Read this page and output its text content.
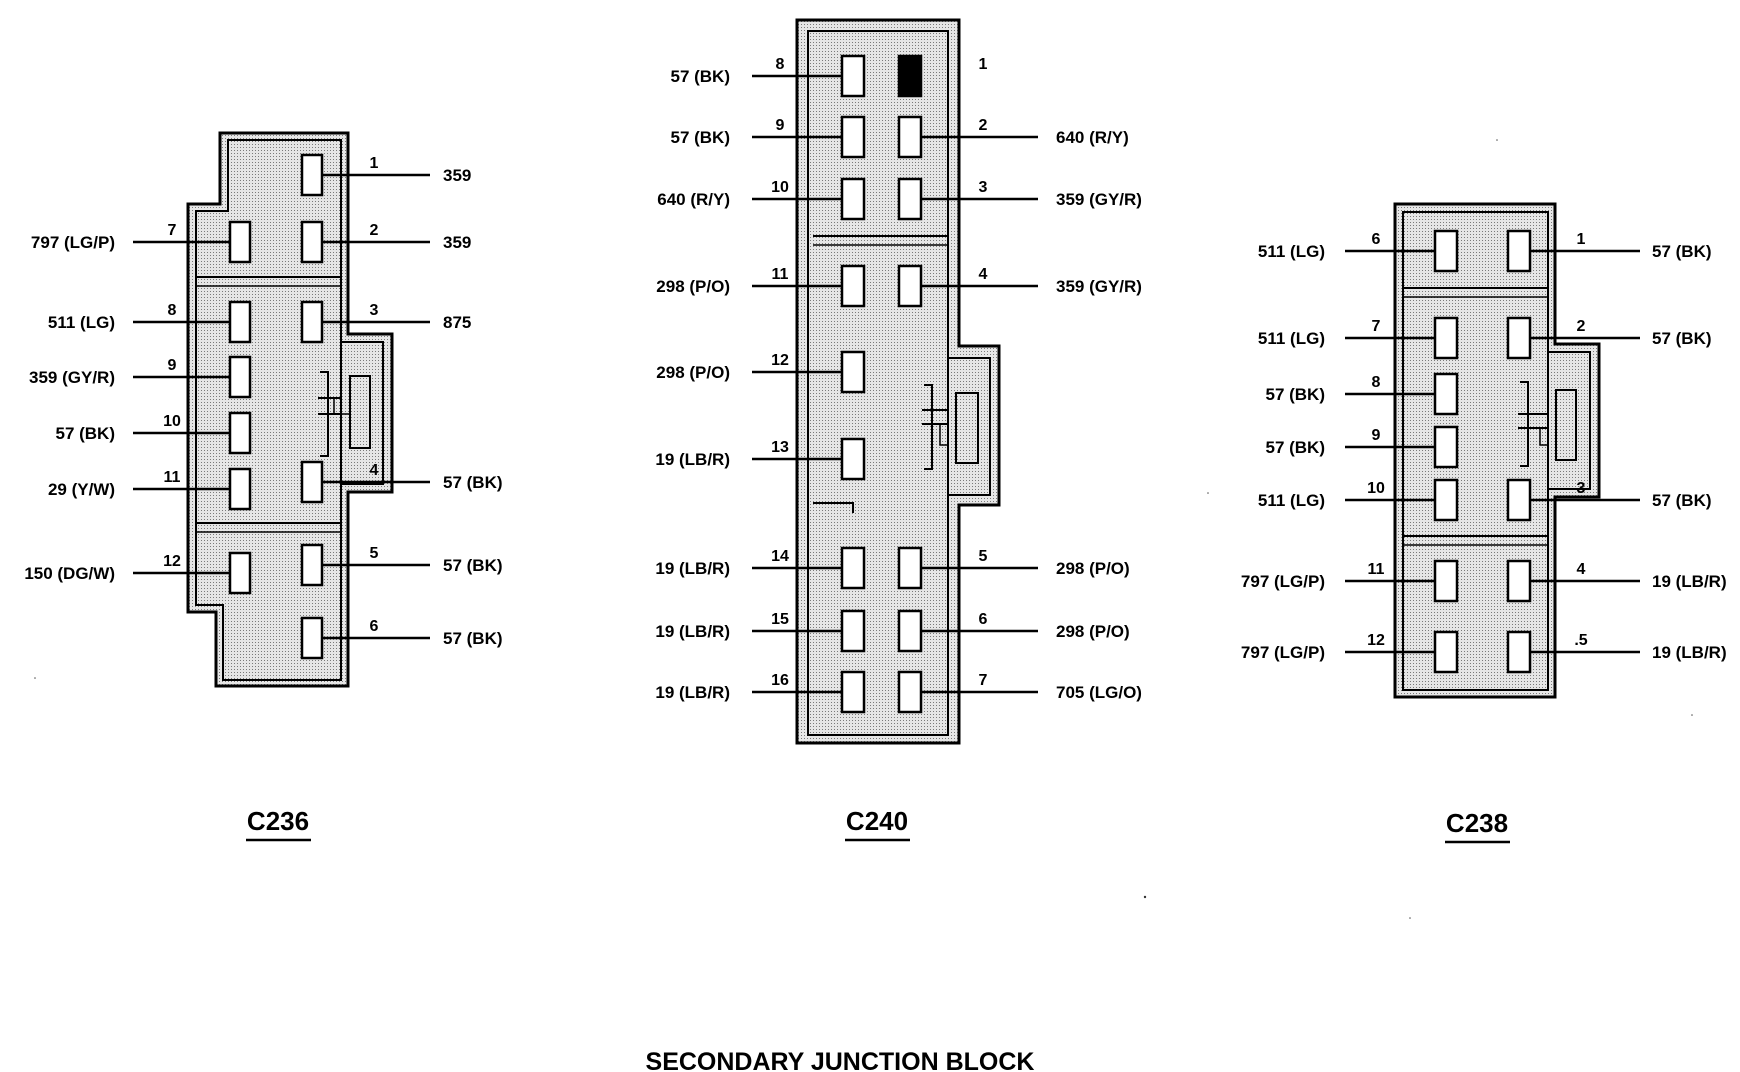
C236	C240	C238
1
359
2
359
3
875
4
57 (BK)
5
57 (BK)
6
57 (BK)
7
797 (LG/P)
8
511 (LG)
9
359 (GY/R)
10
57 (BK)
11
29 (Y/W)
12
150 (DG/W)
1
2
640 (R/Y)
3
359 (GY/R)
4
359 (GY/R)
5
298 (P/O)
6
298 (P/O)
7
705 (LG/O)
8
57 (BK)
9
57 (BK)
10
640 (R/Y)
11
298 (P/O)
12
298 (P/O)
13
19 (LB/R)
14
19 (LB/R)
15
19 (LB/R)
16
19 (LB/R)
1
57 (BK)
2
57 (BK)
3
57 (BK)
4
19 (LB/R)
.5
19 (LB/R)
6
511 (LG)
7
511 (LG)
8
57 (BK)
9
57 (BK)
10
511 (LG)
11
797 (LG/P)
12
797 (LG/P)
SECONDARY JUNCTION BLOCK
